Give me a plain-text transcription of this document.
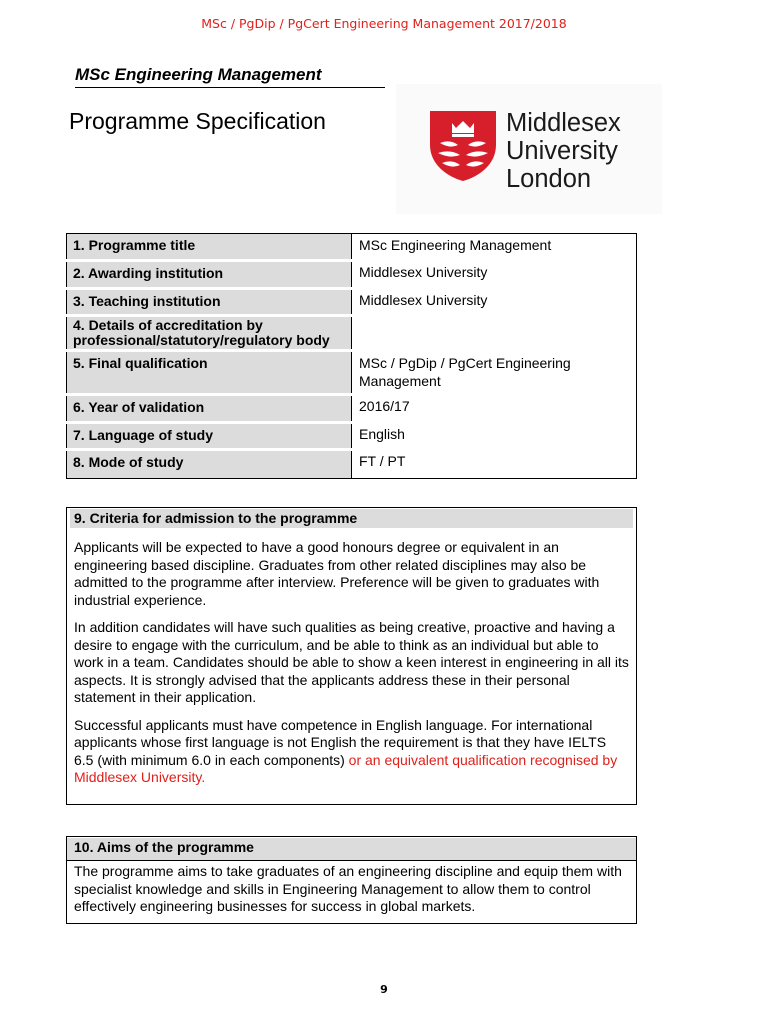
MSc / PgDip / PgCert Engineering Management 2017/2018
MSc Engineering Management
Programme Specification	Middlesex
University
London
1. Programme title	MSc Engineering Management
2. Awarding institution	Middlesex University
3. Teaching institution	Middlesex University
4. Details of accreditation by professional/statutory/regulatory body	
5. Final qualification	MSc / PgDip / PgCert Engineering Management
6. Year of validation	2016/17
7. Language of study	English
8. Mode of study	FT / PT
9. Criteria for admission to the programme

Applicants will be expected to have a good honours degree or equivalent in an engineering based discipline. Graduates from other related disciplines may also be admitted to the programme after interview. Preference will be given to graduates with industrial experience.

In addition candidates will have such qualities as being creative, proactive and having a desire to engage with the curriculum, and be able to think as an individual but able to work in a team. Candidates should be able to show a keen interest in engineering in all its aspects. It is strongly advised that the applicants address these in their personal statement in their application.

Successful applicants must have competence in English language. For international applicants whose first language is not English the requirement is that they have IELTS 6.5 (with minimum 6.0 in each components) or an equivalent qualification recognised by Middlesex University.

10. Aims of the programme

The programme aims to take graduates of an engineering discipline and equip them with specialist knowledge and skills in Engineering Management to allow them to control effectively engineering businesses for success in global markets.

9
